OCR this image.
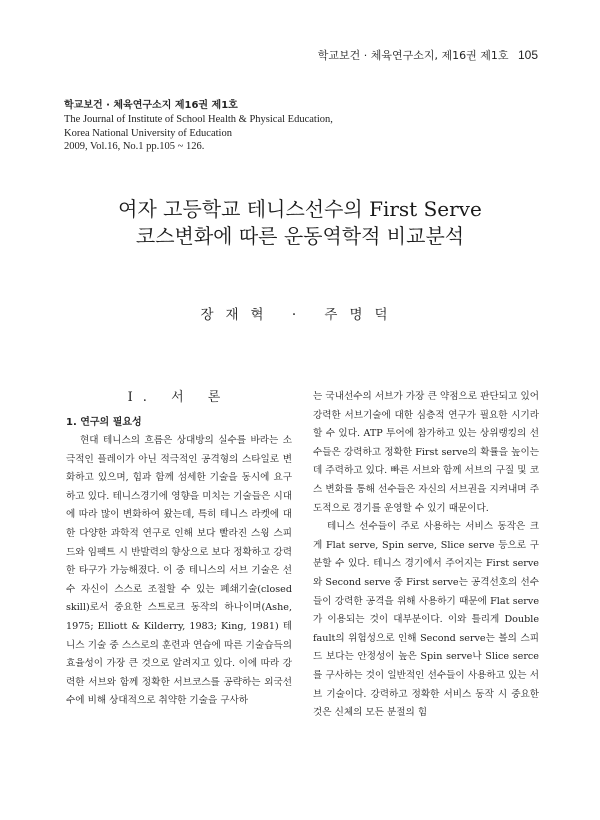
학교보건 · 체육연구소지, 제16권 제1호 105
학교보건 · 체육연구소지 제16권 제1호
The Journal of Institute of School Health & Physical Education,
Korea National University of Education
2009, Vol.16, No.1 pp.105 ~ 126.
여자 고등학교 테니스선수의 First Serve
코스변화에 따른 운동역학적 비교분석
장재혁 · 주명덕
Ⅰ. 서 론
1. 연구의 필요성

현대 테니스의 흐름은 상대방의 실수를 바라는 소극적인 플레이가 아닌 적극적인 공격형의 스타일로 변화하고 있으며, 힘과 함께 섬세한 기술을 동시에 요구하고 있다. 테니스경기에 영향을 미치는 기술들은 시대에 따라 많이 변화하여 왔는데, 특히 테니스 라켓에 대한 다양한 과학적 연구로 인해 보다 빨라진 스윙 스피드와 임팩트 시 반발력의 향상으로 보다 정확하고 강력한 타구가 가능해졌다. 이 중 테니스의 서브 기술은 선수 자신이 스스로 조절할 수 있는 폐쇄기술(closed skill)로서 중요한 스트로크 동작의 하나이며(Ashe, 1975; Elliott & Kilderry, 1983; King, 1981) 테니스 기술 중 스스로의 훈련과 연습에 따른 기술습득의 효율성이 가장 큰 것으로 알려지고 있다. 이에 따라 강력한 서브와 함께 정확한 서브코스를 공략하는 외국선수에 비해 상대적으로 취약한 기술을 구사하

는 국내선수의 서브가 가장 큰 약점으로 판단되고 있어 강력한 서브기술에 대한 심층적 연구가 필요한 시기라 할 수 있다. ATP 투어에 참가하고 있는 상위랭킹의 선수들은 강력하고 정확한 First serve의 확률을 높이는데 주력하고 있다. 빠른 서브와 함께 서브의 구질 및 코스 변화를 통해 선수들은 자신의 서브권을 지켜내며 주도적으로 경기를 운영할 수 있기 때문이다.

테니스 선수들이 주로 사용하는 서비스 동작은 크게 Flat serve, Spin serve, Slice serve 등으로 구분할 수 있다. 테니스 경기에서 주어지는 First serve와 Second serve 중 First serve는 공격선호의 선수들이 강력한 공격을 위해 사용하기 때문에 Flat serve가 이용되는 것이 대부분이다. 이와 틀리게 Double fault의 위험성으로 인해 Second serve는 볼의 스피드 보다는 안정성이 높은 Spin serve나 Slice serce를 구사하는 것이 일반적인 선수들이 사용하고 있는 서브 기술이다. 강력하고 정확한 서비스 동작 시 중요한 것은 신체의 모든 분절의 힘
